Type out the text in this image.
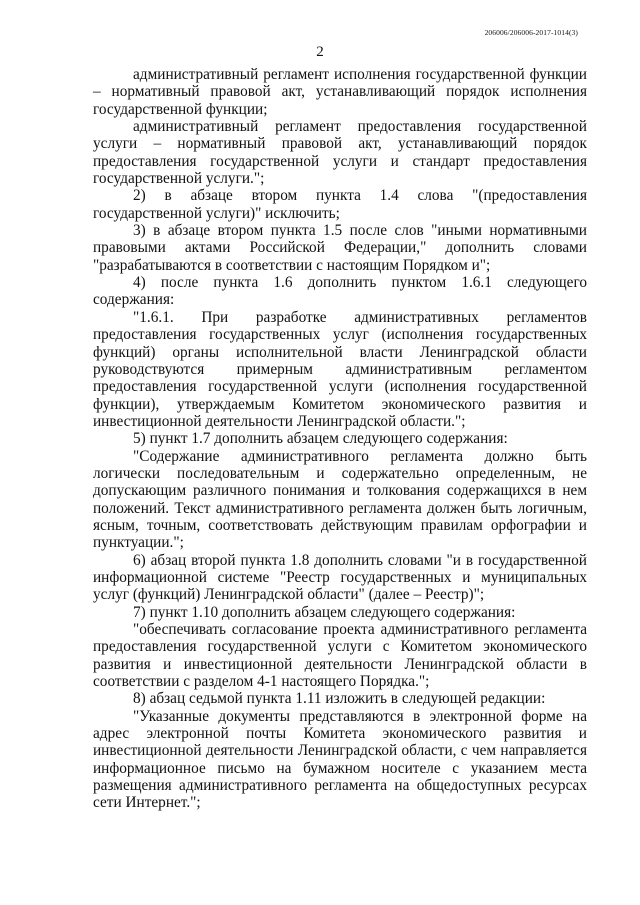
206006/206006-2017-1014(3)
2

административный регламент исполнения государственной функции – нормативный правовой акт, устанавливающий порядок исполнения государственной функции;

административный регламент предоставления государственной услуги – нормативный правовой акт, устанавливающий порядок предоставления государственной услуги и стандарт предоставления государственной услуги.";

2) в абзаце втором пункта 1.4 слова "(предоставления государственной услуги)" исключить;

3) в абзаце втором пункта 1.5 после слов "иными нормативными правовыми актами Российской Федерации," дополнить словами "разрабатываются в соответствии с настоящим Порядком и";

4) после пункта 1.6 дополнить пунктом 1.6.1 следующего содержания:

"1.6.1. При разработке административных регламентов предоставления государственных услуг (исполнения государственных функций) органы исполнительной власти Ленинградской области руководствуются примерным административным регламентом предоставления государственной услуги (исполнения государственной функции), утверждаемым Комитетом экономического развития и инвестиционной деятельности Ленинградской области.";

5) пункт 1.7 дополнить абзацем следующего содержания:

"Содержание административного регламента должно быть логически последовательным и содержательно определенным, не допускающим различного понимания и толкования содержащихся в нем положений. Текст административного регламента должен быть логичным, ясным, точным, соответствовать действующим правилам орфографии и пунктуации.";

6) абзац второй пункта 1.8 дополнить словами "и в государственной информационной системе "Реестр государственных и муниципальных услуг (функций) Ленинградской области" (далее – Реестр)";

7) пункт 1.10 дополнить абзацем следующего содержания:

"обеспечивать согласование проекта административного регламента предоставления государственной услуги с Комитетом экономического развития и инвестиционной деятельности Ленинградской области в соответствии с разделом 4-1 настоящего Порядка.";

8) абзац седьмой пункта 1.11 изложить в следующей редакции:

"Указанные документы представляются в электронной форме на адрес электронной почты Комитета экономического развития и инвестиционной деятельности Ленинградской области, с чем направляется информационное письмо на бумажном носителе с указанием места размещения административного регламента на общедоступных ресурсах сети Интернет.";
